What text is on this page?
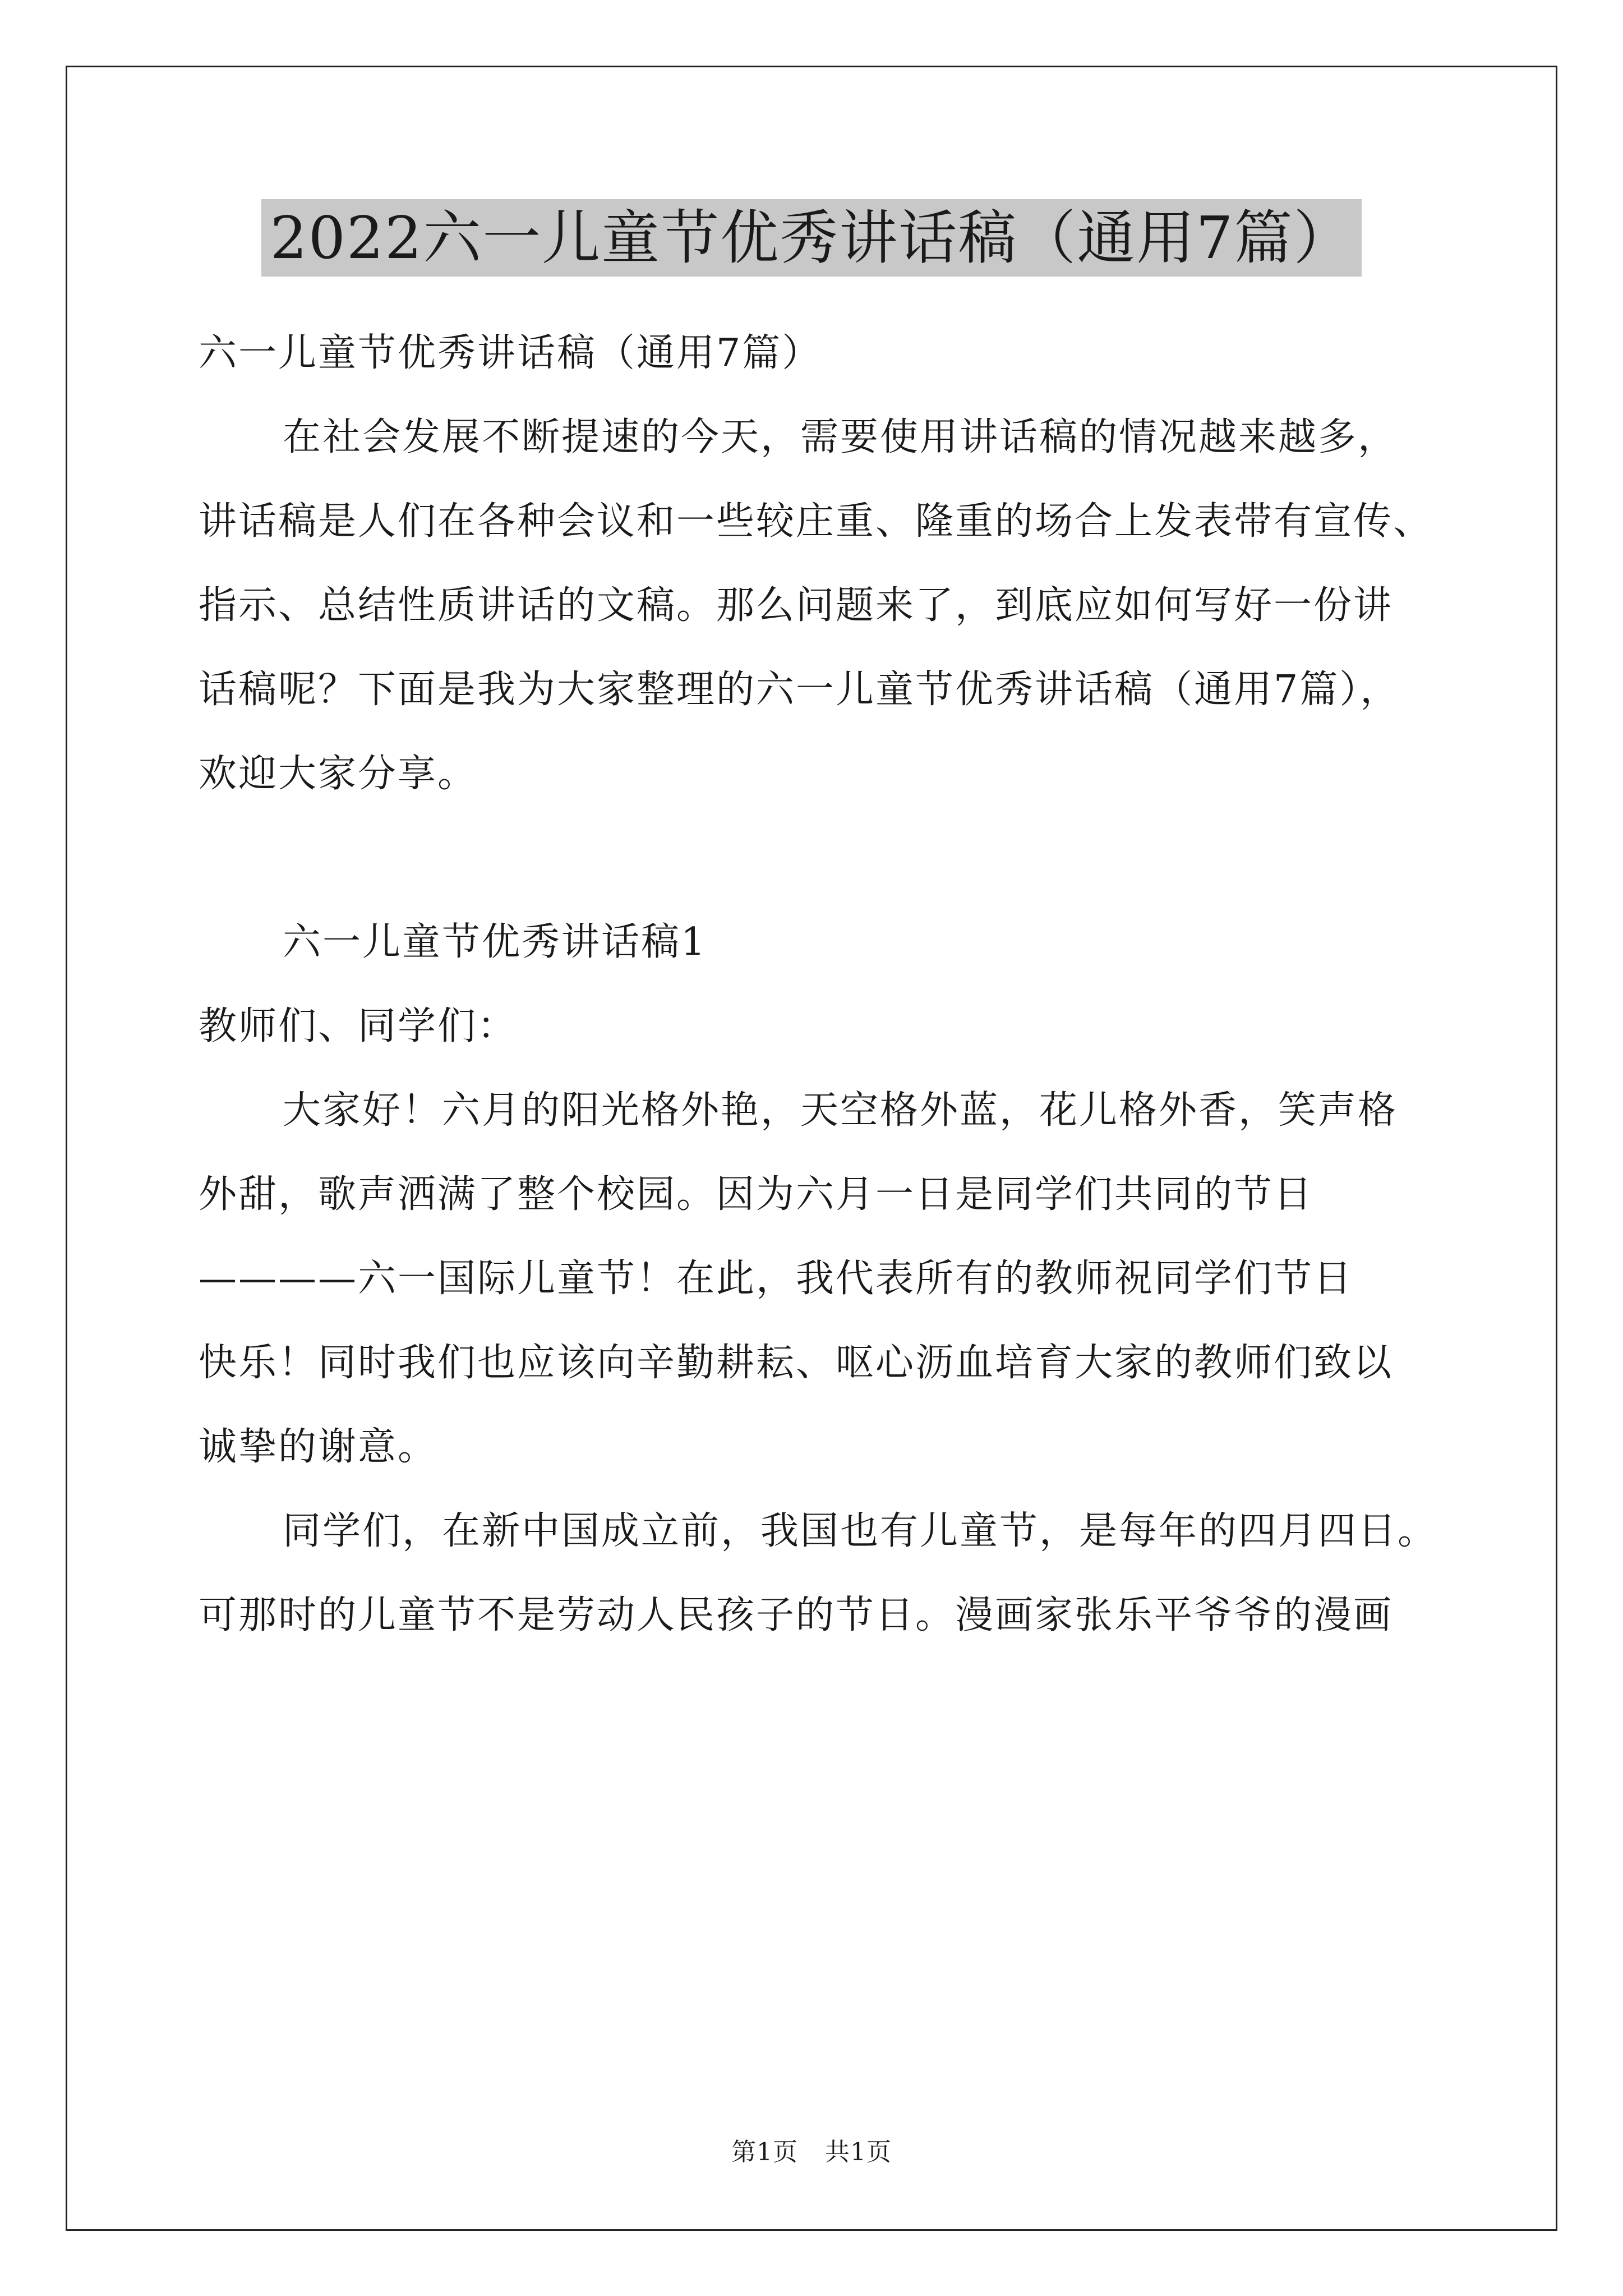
2022六一儿童节优秀讲话稿（通用7篇）
六一儿童节优秀讲话稿（通用7篇）
在社会发展不断提速的今天，需要使用讲话稿的情况越来越多，
讲话稿是人们在各种会议和一些较庄重、隆重的场合上发表带有宣传、
指示、总结性质讲话的文稿。那么问题来了，到底应如何写好一份讲
话稿呢？下面是我为大家整理的六一儿童节优秀讲话稿（通用7篇），
欢迎大家分享。
六一儿童节优秀讲话稿1
教师们、同学们：
大家好！六月的阳光格外艳，天空格外蓝，花儿格外香，笑声格
外甜，歌声洒满了整个校园。因为六月一日是同学们共同的节日
————六一国际儿童节！在此，我代表所有的教师祝同学们节日
快乐！同时我们也应该向辛勤耕耘、呕心沥血培育大家的教师们致以
诚挚的谢意。
同学们，在新中国成立前，我国也有儿童节，是每年的四月四日。
可那时的儿童节不是劳动人民孩子的节日。漫画家张乐平爷爷的漫画
第1页 共1页
